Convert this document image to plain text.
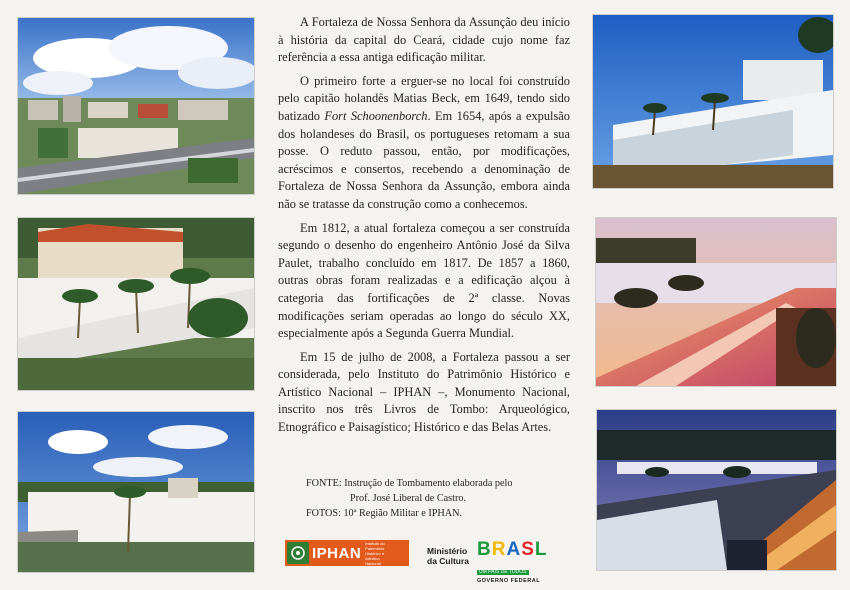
A Fortaleza de Nossa Senhora da Assunção deu início à história da capital do Ceará, cidade cujo nome faz referência a essa antiga edificação militar.

O primeiro forte a erguer-se no local foi construído pelo capitão holandês Matias Beck, em 1649, tendo sido batizado Fort Schoonenborch. Em 1654, após a expulsão dos holandeses do Brasil, os portugueses retomam a sua posse. O reduto passou, então, por modificações, acréscimos e consertos, recebendo a denominação de Fortaleza de Nossa Senhora da Assunção, embora ainda não se tratasse da construção como a conhecemos.

Em 1812, a atual fortaleza começou a ser construída segundo o desenho do engenheiro Antônio José da Silva Paulet, trabalho concluído em 1817. De 1857 a 1860, outras obras foram realizadas e a edificação alçou à categoria das fortificações de 2ª classe. Novas modificações seriam operadas ao longo do século XX, especialmente após a Segunda Guerra Mundial.

Em 15 de julho de 2008, a Fortaleza passou a ser considerada, pelo Instituto do Patrimônio Histórico e Artístico Nacional – IPHAN –, Monumento Nacional, inscrito nos três Livros de Tombo: Arqueológico, Etnográfico e Paisagístico; Histórico e das Belas Artes.

FONTE: Instrução de Tombamento elaborada pelo
Prof. José Liberal de Castro.
FOTOS: 10ª Região Militar e IPHAN.
IPHAN
Instituto do Patrimônio Histórico e Artístico Nacional
Ministério
da Cultura
BRASL
UM PAÍS DE TODOS
GOVERNO FEDERAL
